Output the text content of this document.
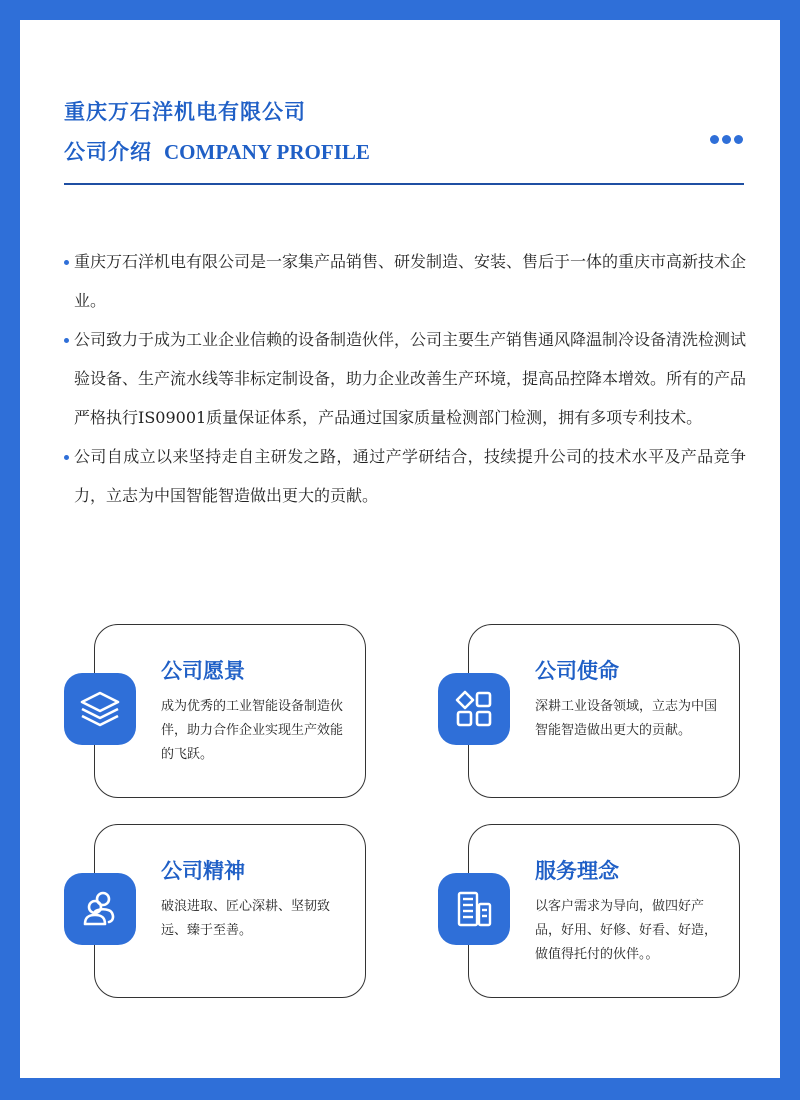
重庆万石洋机电有限公司
公司介绍 COMPANY PROFILE
重庆万石洋机电有限公司是一家集产品销售、研发制造、安装、售后于一体的重庆市高新技术企业。
公司致力于成为工业企业信赖的设备制造伙伴，公司主要生产销售通风降温制冷设备清洗检测试验设备、生产流水线等非标定制设备，助力企业改善生产环境，提高品控降本增效。所有的产品严格执行IS09001质量保证体系，产品通过国家质量检测部门检测，拥有多项专利技术。
公司自成立以来坚持走自主研发之路，通过产学研结合，技续提升公司的技术水平及产品竞争力，立志为中国智能智造做出更大的贡献。
公司愿景
成为优秀的工业智能设备制造伙伴，助力合作企业实现生产效能的飞跃。
公司使命
深耕工业设备领域，立志为中国智能智造做出更大的贡献。
公司精神
破浪进取、匠心深耕、坚韧致远、臻于至善。
服务理念
以客户需求为导向，做四好产品，好用、好修、好看、好造，做值得托付的伙伴。。
